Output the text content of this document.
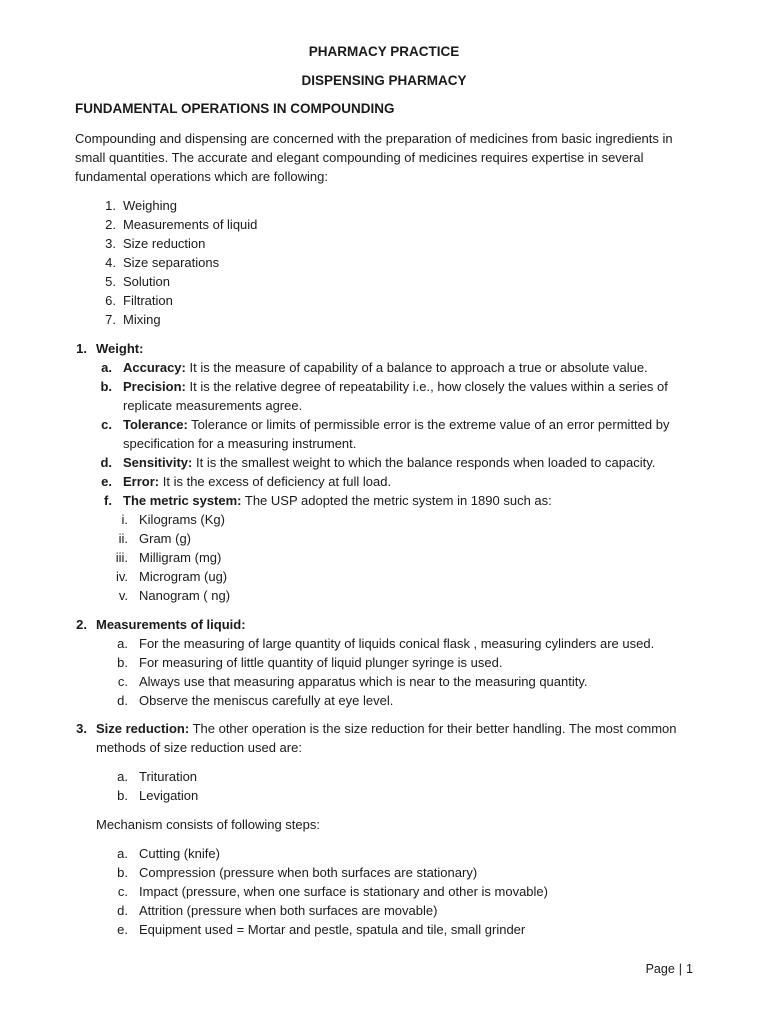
PHARMACY PRACTICE
DISPENSING PHARMACY
FUNDAMENTAL OPERATIONS IN COMPOUNDING

Compounding and dispensing are concerned with the preparation of medicines from basic ingredients in small quantities. The accurate and elegant compounding of medicines requires expertise in several fundamental operations which are following:

1. Weighing
2. Measurements of liquid
3. Size reduction
4. Size separations
5. Solution
6. Filtration
7. Mixing
1. Weight:
a. Accuracy: It is the measure of capability of a balance to approach a true or absolute value.
b. Precision: It is the relative degree of repeatability i.e., how closely the values within a series of
replicate measurements agree.
c. Tolerance: Tolerance or limits of permissible error is the extreme value of an error permitted by
specification for a measuring instrument.
d. Sensitivity: It is the smallest weight to which the balance responds when loaded to capacity.
e. Error: It is the excess of deficiency at full load.
f. The metric system: The USP adopted the metric system in 1890 such as:
i. Kilograms (Kg)
ii. Gram (g)
iii. Milligram (mg)
iv. Microgram (ug)
v. Nanogram ( ng)
2. Measurements of liquid:
a. For the measuring of large quantity of liquids conical flask , measuring cylinders are used.
b. For measuring of little quantity of liquid plunger syringe is used.
c. Always use that measuring apparatus which is near to the measuring quantity.
d. Observe the meniscus carefully at eye level.
3. Size reduction: The other operation is the size reduction for their better handling. The most common
methods of size reduction used are:
a. Trituration
b. Levigation
Mechanism consists of following steps:
a. Cutting (knife)
b. Compression (pressure when both surfaces are stationary)
c. Impact (pressure, when one surface is stationary and other is movable)
d. Attrition (pressure when both surfaces are movable)
e. Equipment used = Mortar and pestle, spatula and tile, small grinder
Page | 1
